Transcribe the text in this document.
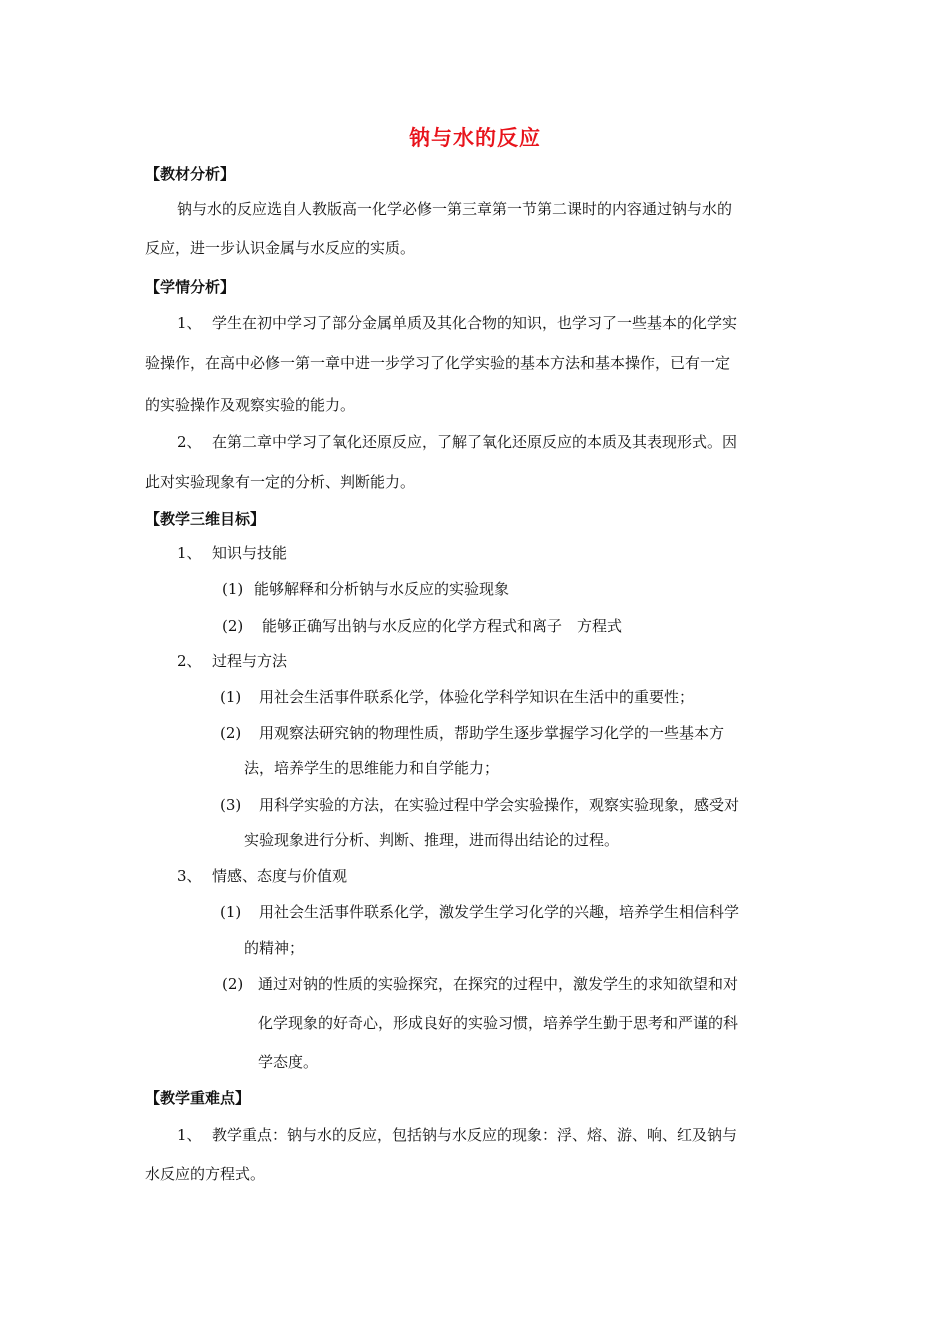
钠与水的反应
【教材分析】
钠与水的反应选自人教版高一化学必修一第三章第一节第二课时的内容通过钠与水的
反应，进一步认识金属与水反应的实质。
【学情分析】
1、 学生在初中学习了部分金属单质及其化合物的知识，也学习了一些基本的化学实
验操作，在高中必修一第一章中进一步学习了化学实验的基本方法和基本操作，已有一定
的实验操作及观察实验的能力。
2、 在第二章中学习了氧化还原反应，了解了氧化还原反应的本质及其表现形式。因
此对实验现象有一定的分析、判断能力。
【教学三维目标】
1、 知识与技能
(1) 能够解释和分析钠与水反应的实验现象
(2) 能够正确写出钠与水反应的化学方程式和离子　方程式
2、 过程与方法
(1) 用社会生活事件联系化学，体验化学科学知识在生活中的重要性；
(2) 用观察法研究钠的物理性质，帮助学生逐步掌握学习化学的一些基本方
法，培养学生的思维能力和自学能力；
(3) 用科学实验的方法，在实验过程中学会实验操作，观察实验现象，感受对
实验现象进行分析、判断、推理，进而得出结论的过程。
3、 情感、态度与价值观
(1) 用社会生活事件联系化学，激发学生学习化学的兴趣，培养学生相信科学
的精神；
(2) 通过对钠的性质的实验探究，在探究的过程中，激发学生的求知欲望和对
化学现象的好奇心，形成良好的实验习惯，培养学生勤于思考和严谨的科
学态度。
【教学重难点】
1、 教学重点：钠与水的反应，包括钠与水反应的现象：浮、熔、游、响、红及钠与
水反应的方程式。
